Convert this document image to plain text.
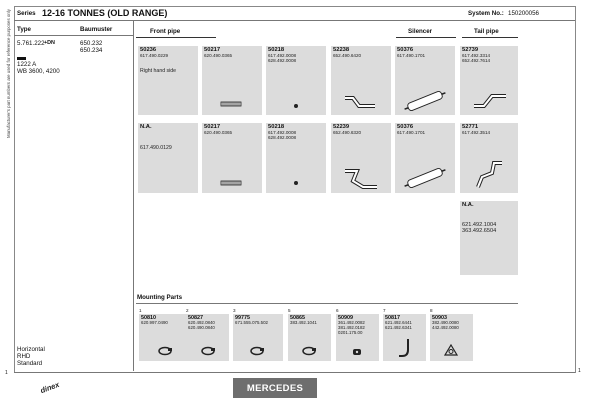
Series 12-16 TONNES (OLD RANGE)	System No.: 150200056
Type	Baumuster
5.761.222 +DN	650.232
650.234
1222 A
WB 3600, 4200
Manufacturer's part numbers are used for reference purposes only
Horizontal
RHD
Standard
Front pipe	Silencer	Tail pipe
50236
617.490.0229
Right hand side
50217
620.490.0365
50218
617.492.0008
628.492.0008
52238
652.490.6420
50376
617.490.1701
52739
617.492.3314
652.492.7614
N.A.
617.490.0129
50217
620.490.0365
50218
617.492.0008
628.492.0008
52239
652.490.6320
50376
617.490.1701
52771
617.492.3514
N.A.
621.492.1004
363.492.6504
Mounting Parts
1
50810
620.997.0490
2
50827
620.492.0840
620.490.0840
3
99775
671.555.075.502
5
50865
383.492.1041
6
50909
361.492.0082
381.492.0182
0201.175.00
7
50817
621.492.6441
621.492.6341
8
50903
382.490.0080
442.492.0080
1	1
dinex	MERCEDES
